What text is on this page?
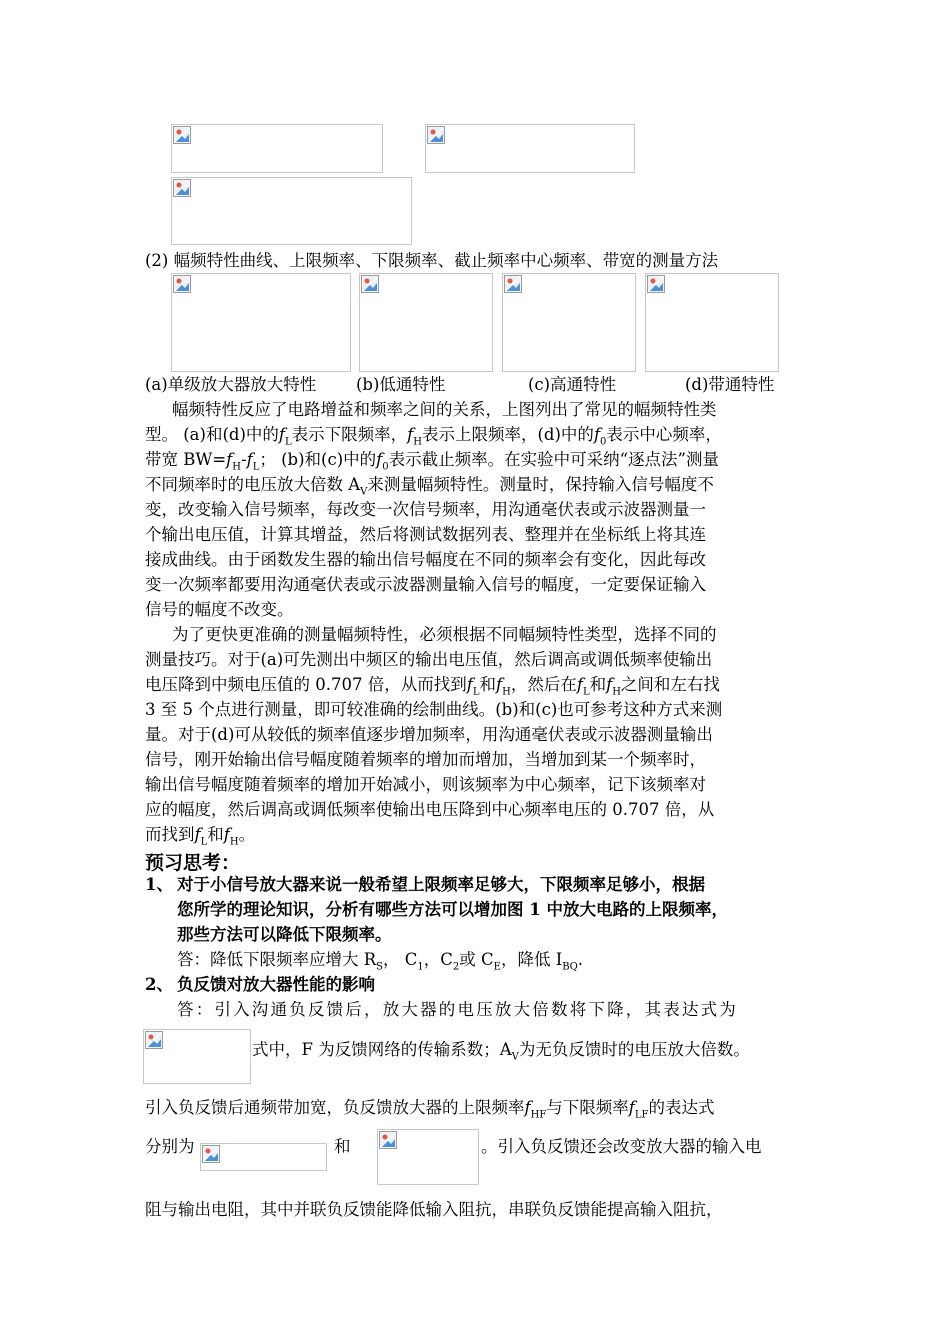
(2) 幅频特性曲线、上限频率、下限频率、截止频率中心频率、带宽的测量方法
(a)单级放大器放大特性 (b)低通特性	(c)高通特性	(d)带通特性
幅频特性反应了电路增益和频率之间的关系，上图列出了常见的幅频特性类
型。 (a)和(d)中的$f_L$表示下限频率，$f_H$表示上限频率，(d)中的$f_0$表示中心频率，
带宽 $BW=f_H-f_L$； (b)和(c)中的$f_0$表示截止频率。在实验中可采纳“逐点法”测量
不同频率时的电压放大倍数 $A_V$来测量幅频特性。测量时，保持输入信号幅度不
变，改变输入信号频率，每改变一次信号频率，用沟通毫伏表或示波器测量一
个输出电压值，计算其增益，然后将测试数据列表、整理并在坐标纸上将其连
接成曲线。由于函数发生器的输出信号幅度在不同的频率会有变化，因此每改
变一次频率都要用沟通毫伏表或示波器测量输入信号的幅度，一定要保证输入
信号的幅度不改变。
为了更快更准确的测量幅频特性，必须根据不同幅频特性类型，选择不同的
测量技巧。对于(a)可先测出中频区的输出电压值，然后调高或调低频率使输出
电压降到中频电压值的 0.707 倍，从而找到$f_L$和$f_H$，然后在$f_L$和$f_H$之间和左右找
3 至 5 个点进行测量，即可较准确的绘制曲线。(b)和(c)也可参考这种方式来测
量。对于(d)可从较低的频率值逐步增加频率，用沟通毫伏表或示波器测量输出
信号，刚开始输出信号幅度随着频率的增加而增加，当增加到某一个频率时，
输出信号幅度随着频率的增加开始减小，则该频率为中心频率，记下该频率对
应的幅度，然后调高或调低频率使输出电压降到中心频率电压的 0.707 倍，从
而找到$f_L$和$f_H$。
预习思考：
1、 对于小信号放大器来说一般希望上限频率足够大，下限频率足够小，根据
您所学的理论知识，分析有哪些方法可以增加图 1 中放大电路的上限频率，
那些方法可以降低下限频率。
答：降低下限频率应增大 $R_S$， $C_1$，$C_2$或 $C_E$，降低 $I_{BQ}$.
2、 负反馈对放大器性能的影响
答：引入沟通负反馈后，放大器的电压放大倍数将下降，其表达式为
式中，F 为反馈网络的传输系数；$A_V$为无负反馈时的电压放大倍数。
引入负反馈后通频带加宽，负反馈放大器的上限频率$f_{HF}$与下限频率$f_{LF}$的表达式
分别为	和	。引入负反馈还会改变放大器的输入电
阻与输出电阻，其中并联负反馈能降低输入阻抗，串联负反馈能提高输入阻抗，
